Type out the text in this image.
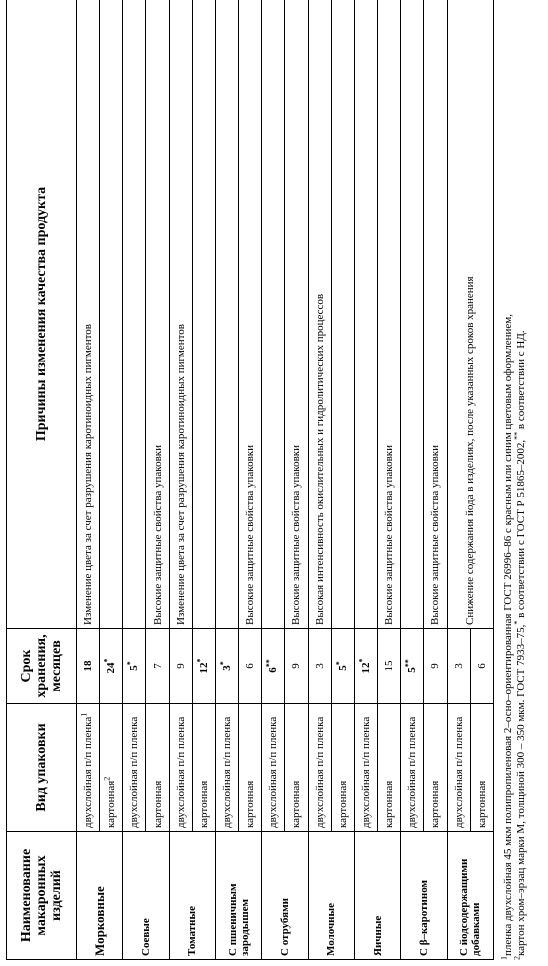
Наименование макаронных изделий	Вид упаковки	Срок хранения, месяцев	Причины изменения качества продукта
Морковные	двухслойная п/п пленка$^1$	18	Изменение цвета за счет разрушения каротиноидных пигментов
	картонная$^2$	24*	
Соевые	двухслойная п/п пленка	5*	
	картонная	7	Высокие защитные свойства упаковки
Томатные	двухслойная п/п пленка	9	Изменение цвета за счет разрушения каротиноидных пигментов
	картонная	12*	
С пшеничным зародышем	двухслойная п/п пленка	3*	
	картонная	6	Высокие защитные свойства упаковки
С отрубями	двухслойная п/п пленка	6**	
	картонная	9	Высокие защитные свойства упаковки
Молочные	двухслойная п/п пленка	3	Высокая интенсивность окислительных и гидролитических процессов
	картонная	5*	
Яичные	двухслойная п/п пленка	12*	
	картонная	15	Высокие защитные свойства упаковки
С β–каротином	двухслойная п/п пленка	5**	
	картонная	9	Высокие защитные свойства упаковки
С йодсодержащими добавками	двухслойная п/п пленка	3	Снижение содержания йода в изделиях, после указанных сроков хранения
	картонная	6	
$^1$пленка двухслойная 45 мкм полипропиленовая 2–осно–ориентированная ГОСТ 26996–86 с красным или синим цветовым оформлением,
$^2$картон хром–эрзац марки М, толщиной 300 – 350 мкм. ГОСТ 7933–75,* в соответствии с ГОСТ Р 51865–2002,** в соответствии с НД.
